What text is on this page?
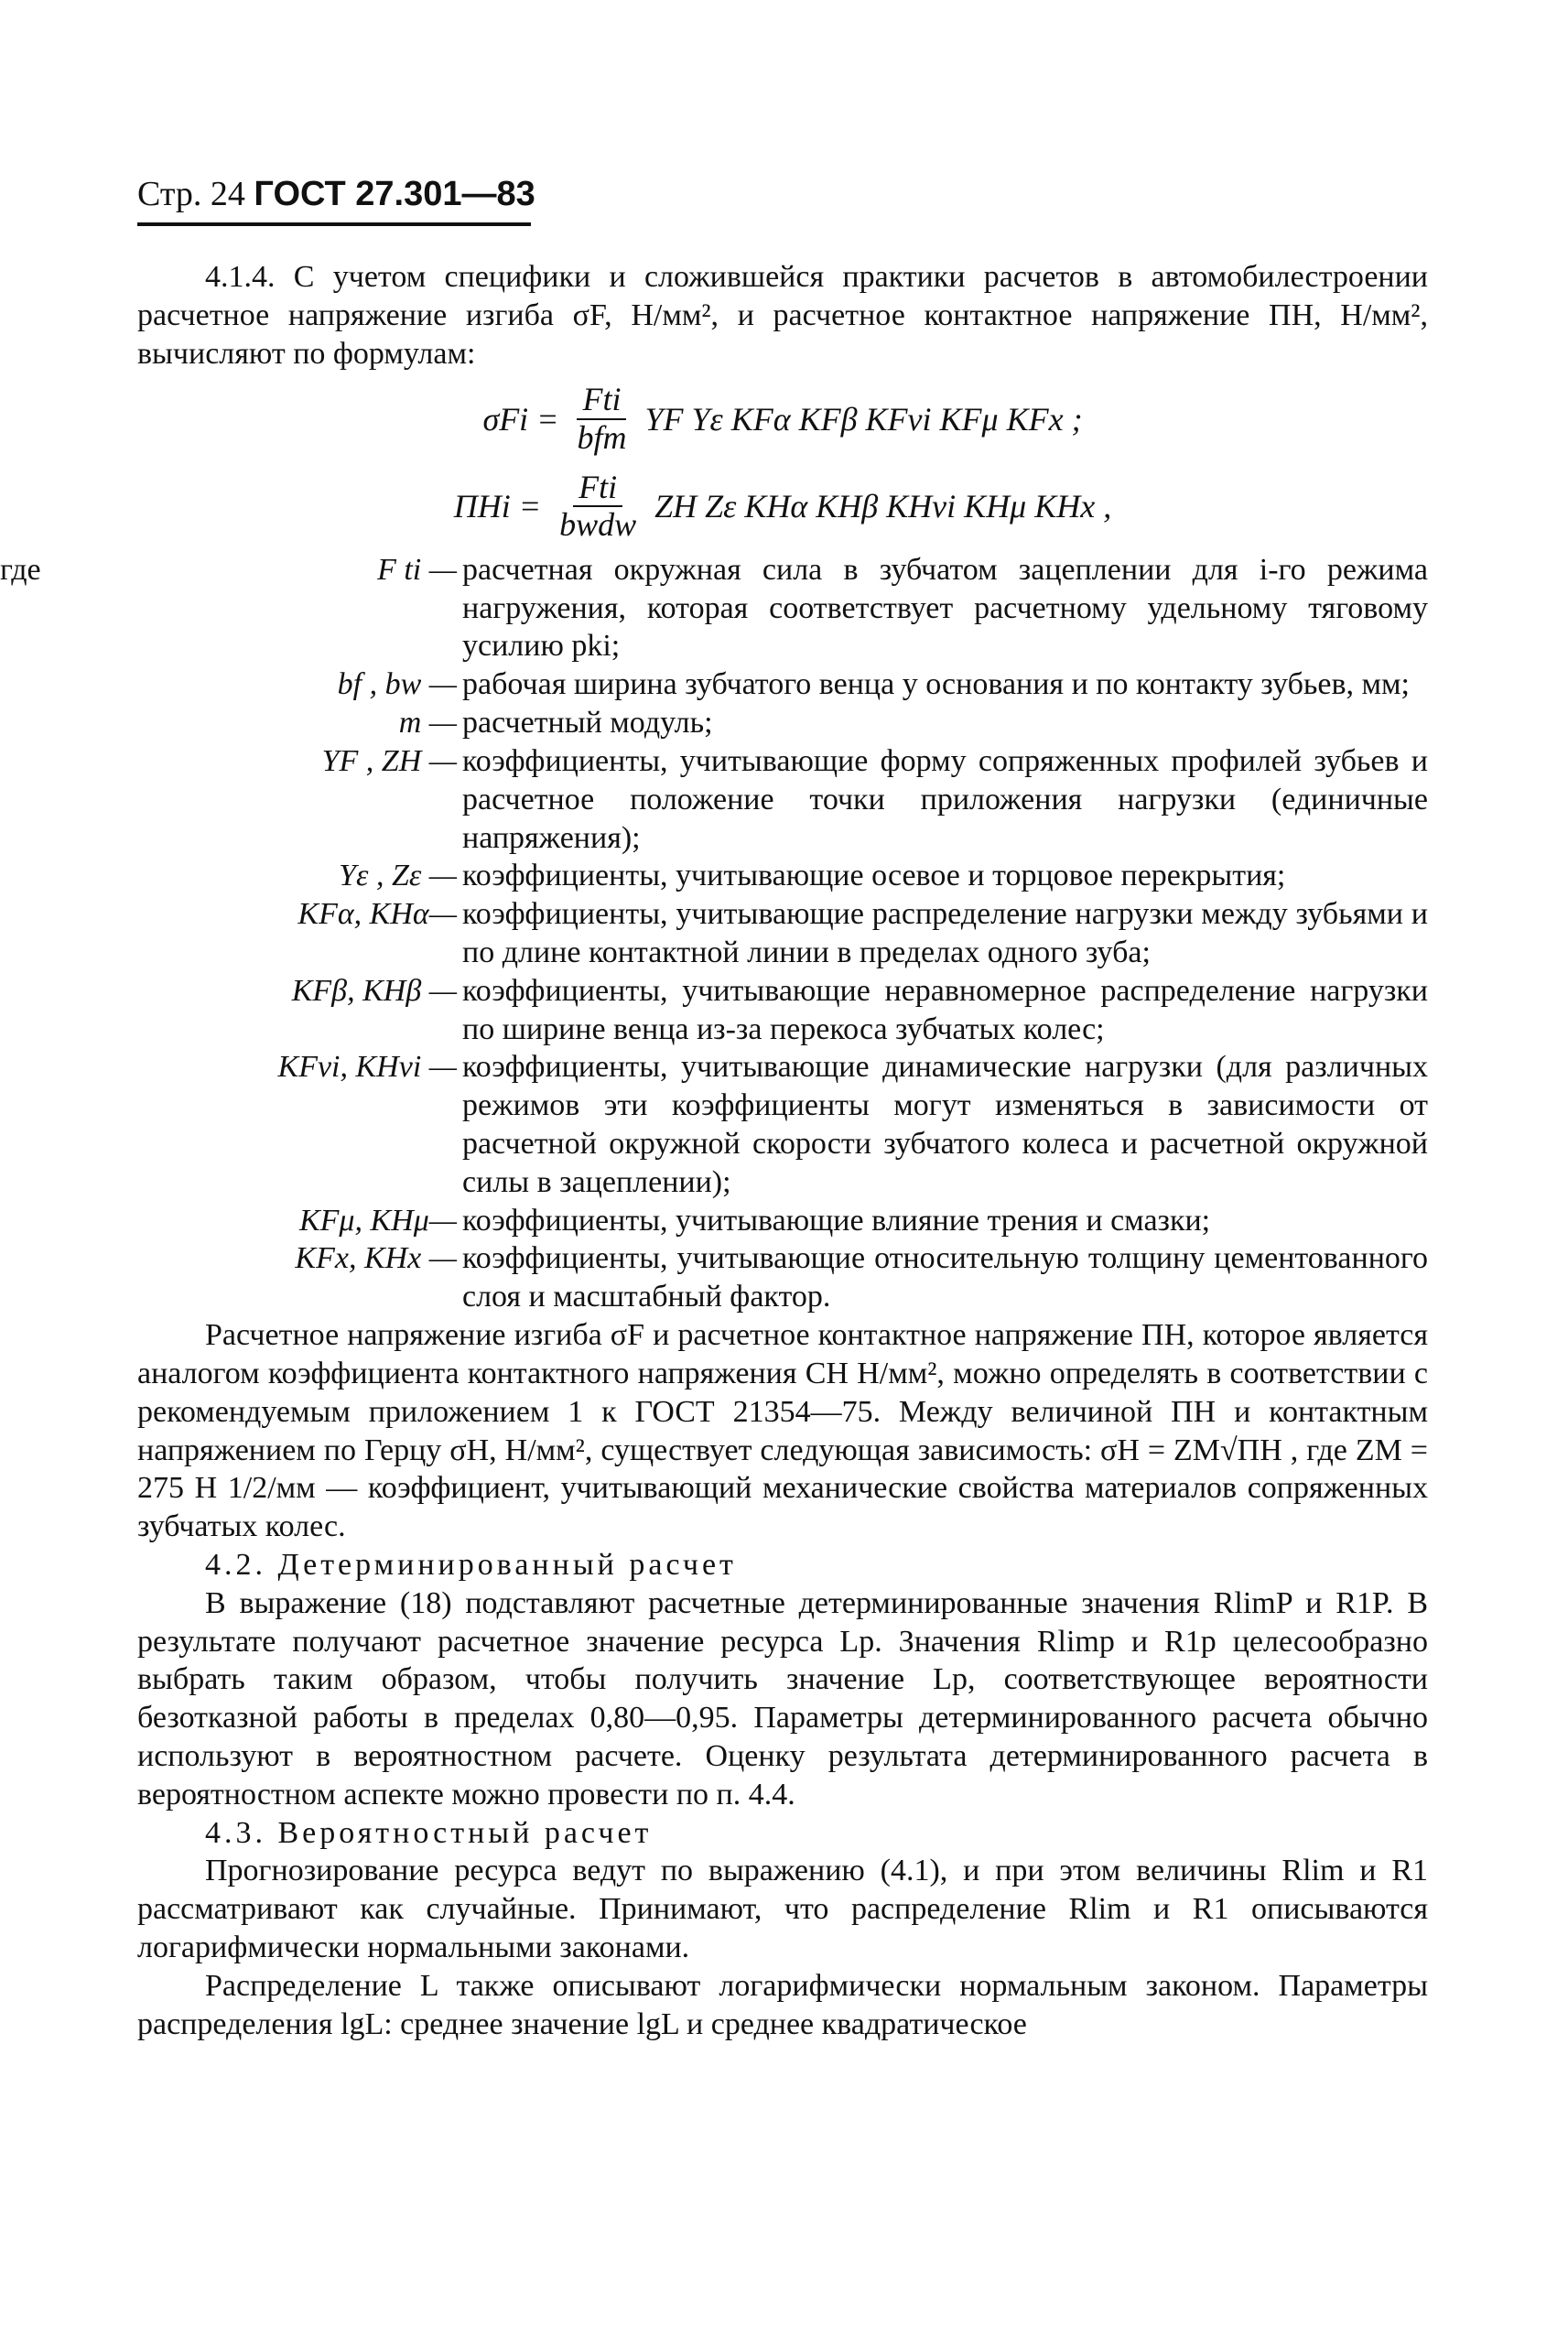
Стр. 24 ГОСТ 27.301—83

4.1.4. С учетом специфики и сложившейся практики расчетов в автомобилестроении расчетное напряжение изгиба σF, Н/мм², и расчетное контактное напряжение ПH, Н/мм², вычисляют по формулам:

$\sigma Fi = \frac{\text{Fti}}{\text{bfm}}$ YF Yε KFα KFβ KFvi KFμ KFx ;
ПHi = $\frac{\text{Fti}}{\text{bwdw}}$ ZH Zε KHα KHβ KHvi KHμ KHx ,
где	F ti — расчетная окружная сила в зубчатом зацеплении для i-го режима нагружения, которая соответствует расчетному удельному тяговому усилию pki;
bf , bw — рабочая ширина зубчатого венца у основания и по контакту зубьев, мм;
m — расчетный модуль;
YF , ZH — коэффициенты, учитывающие форму сопряженных профилей зубьев и расчетное положение точки приложения нагрузки (единичные напряжения);
Yε , Zε — коэффициенты, учитывающие осевое и торцовое перекрытия;
KFα, KHα— коэффициенты, учитывающие распределение нагрузки между зубьями и по длине контактной линии в пределах одного зуба;
KFβ, KHβ — коэффициенты, учитывающие неравномерное распределение нагрузки по ширине венца из-за перекоса зубчатых колес;
KFvi, KHvi — коэффициенты, учитывающие динамические нагрузки (для различных режимов эти коэффициенты могут изменяться в зависимости от расчетной окружной скорости зубчатого колеса и расчетной окружной силы в зацеплении);
KFμ, KHμ— коэффициенты, учитывающие влияние трения и смазки;
KFx, KHx — коэффициенты, учитывающие относительную толщину цементованного слоя и масштабный фактор.

Расчетное напряжение изгиба σF и расчетное контактное напряжение ПH, которое является аналогом коэффициента контактного напряжения CH Н/мм², можно определять в соответствии с рекомендуемым приложением 1 к ГОСТ 21354—75. Между величиной ПH и контактным напряжением по Герцу σH, Н/мм², существует следующая зависимость: σH = ZM√ПH , где ZM = 275 H 1/2/мм — коэффициент, учитывающий механические свойства материалов сопряженных зубчатых колес.

4.2. Детерминированный расчет

В выражение (18) подставляют расчетные детерминированные значения RlimP и R1P. В результате получают расчетное значение ресурса Lp. Значения Rlimp и R1p целесообразно выбрать таким образом, чтобы получить значение Lp, соответствующее вероятности безотказной работы в пределах 0,80—0,95. Параметры детерминированного расчета обычно используют в вероятностном расчете. Оценку результата детерминированного расчета в вероятностном аспекте можно провести по п. 4.4.

4.3. Вероятностный расчет

Прогнозирование ресурса ведут по выражению (4.1), и при этом величины Rlim и R1 рассматривают как случайные. Принимают, что распределение Rlim и R1 описываются логарифмически нормальными законами.

Распределение L также описывают логарифмически нормальным законом. Параметры распределения lgL: среднее значение lgL и среднее квадратическое
